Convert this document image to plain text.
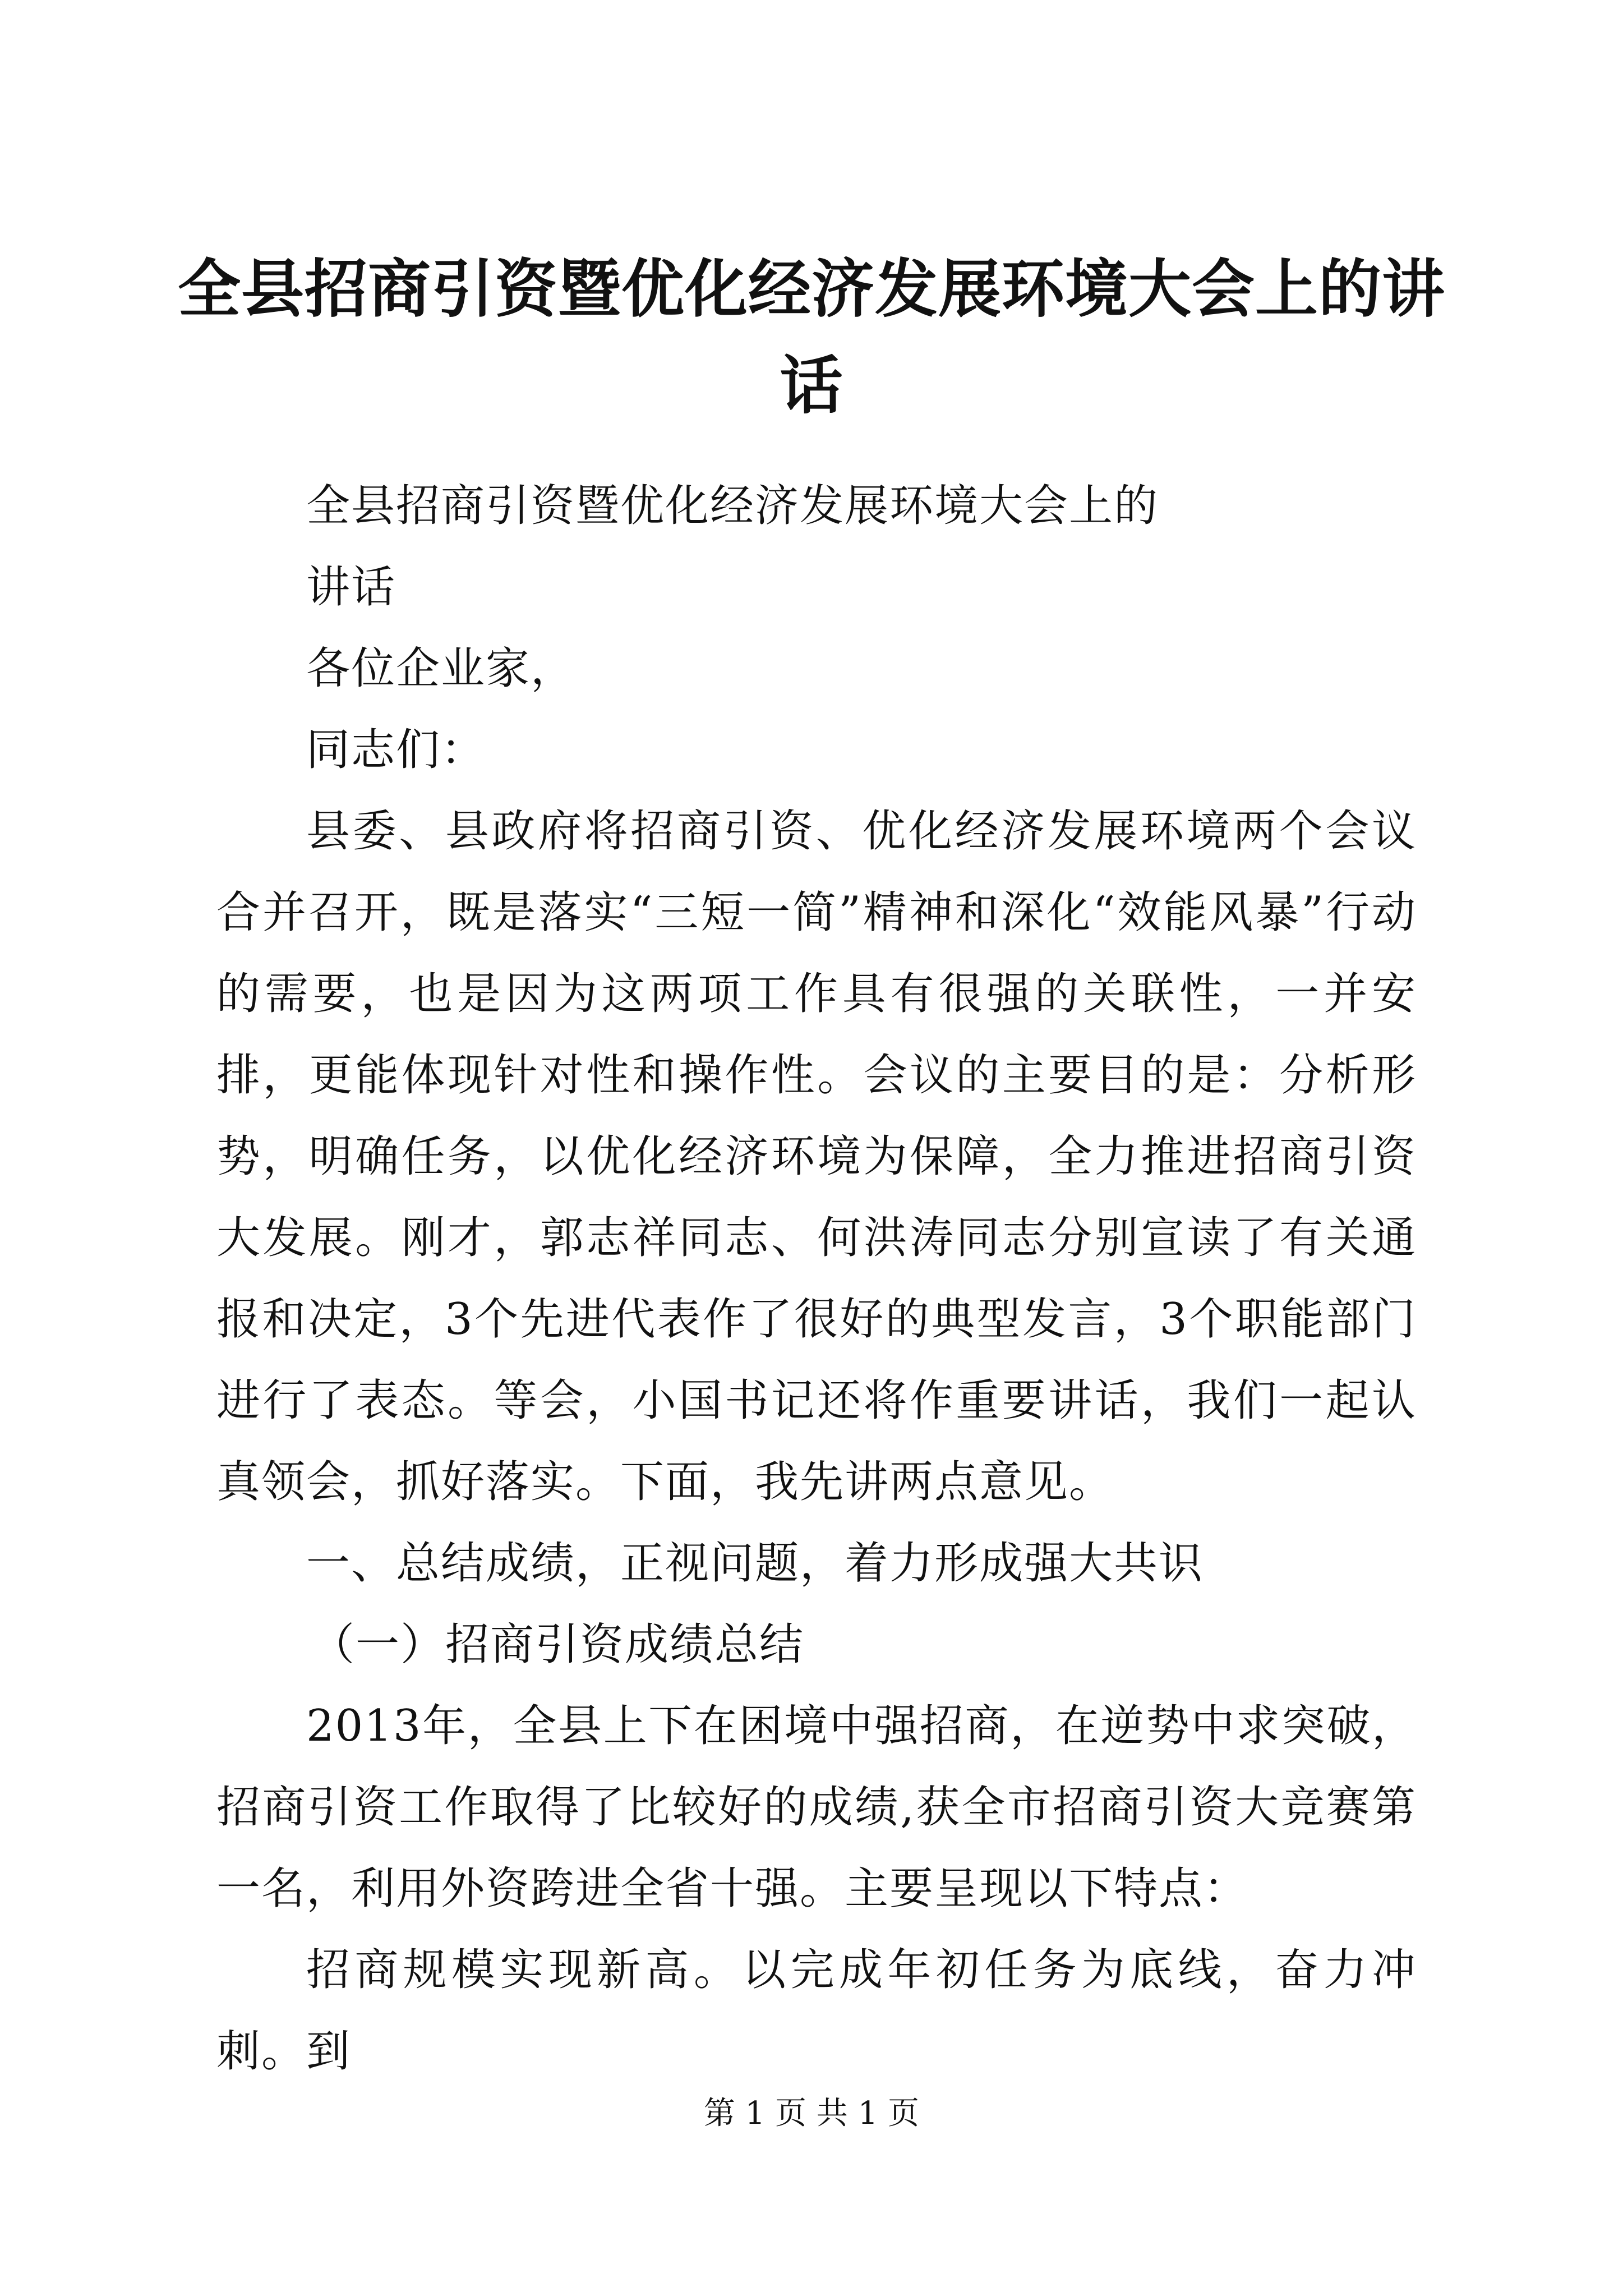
全县招商引资暨优化经济发展环境大会上的讲话

全县招商引资暨优化经济发展环境大会上的

讲话

各位企业家，

同志们：

县委、县政府将招商引资、优化经济发展环境两个会议合并召开，既是落实“三短一简”精神和深化“效能风暴”行动的需要，也是因为这两项工作具有很强的关联性，一并安排，更能体现针对性和操作性。会议的主要目的是：分析形势，明确任务，以优化经济环境为保障，全力推进招商引资大发展。刚才，郭志祥同志、何洪涛同志分别宣读了有关通报和决定，3个先进代表作了很好的典型发言，3个职能部门进行了表态。等会，小国书记还将作重要讲话，我们一起认真领会，抓好落实。下面，我先讲两点意见。

一、总结成绩，正视问题，着力形成强大共识

（一）招商引资成绩总结

2013年，全县上下在困境中强招商，在逆势中求突破，招商引资工作取得了比较好的成绩,获全市招商引资大竞赛第一名，利用外资跨进全省十强。主要呈现以下特点：

招商规模实现新高。以完成年初任务为底线，奋力冲刺。到

第 1 页 共 1 页
